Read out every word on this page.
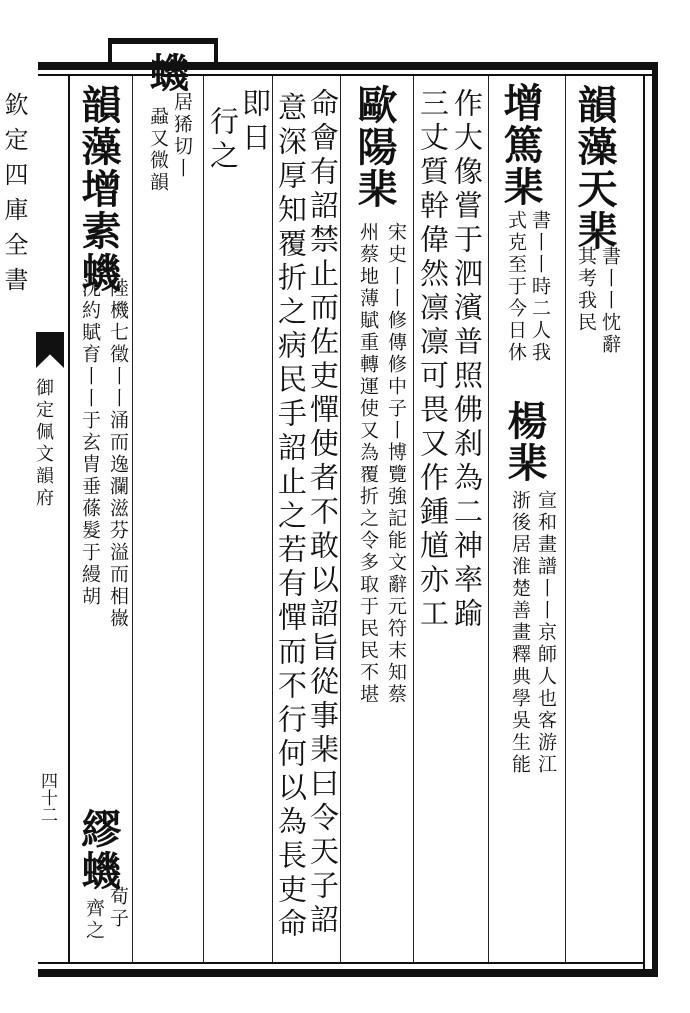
欽定四庫全書
御定佩文韻府
四十二
韻藻天棐
書丨丨忱辭
其考我民
增篤棐
書丨丨時二人我
式克至于今日休
楊棐
宣和畫譜丨丨京師人也客游江
浙後居淮楚善畫釋典學吳生能
作大像嘗于泗濱普照佛刹為二神率踰
三丈質幹偉然凛凛可畏又作鍾馗亦工
歐陽棐
宋史丨丨修傳修中子丨博覽強記能文辭元符末知蔡
州蔡地薄賦重轉運使又為覆折之令多取于民民不堪
命會有詔禁止而佐吏憚使者不敢以詔旨從事棐曰令天子詔
意深厚知覆折之病民手詔止之若有憚而不行何以為長吏命
即日
行之
蟣
居狶切丨
蝨又微韻
韻藻增素蟣
陸機七徵丨丨涌而逸瀾滋芬溢而相嶶
沈約賦育丨丨于玄胄垂蓧髮于縵胡
繆蟣
荀子
齊之
